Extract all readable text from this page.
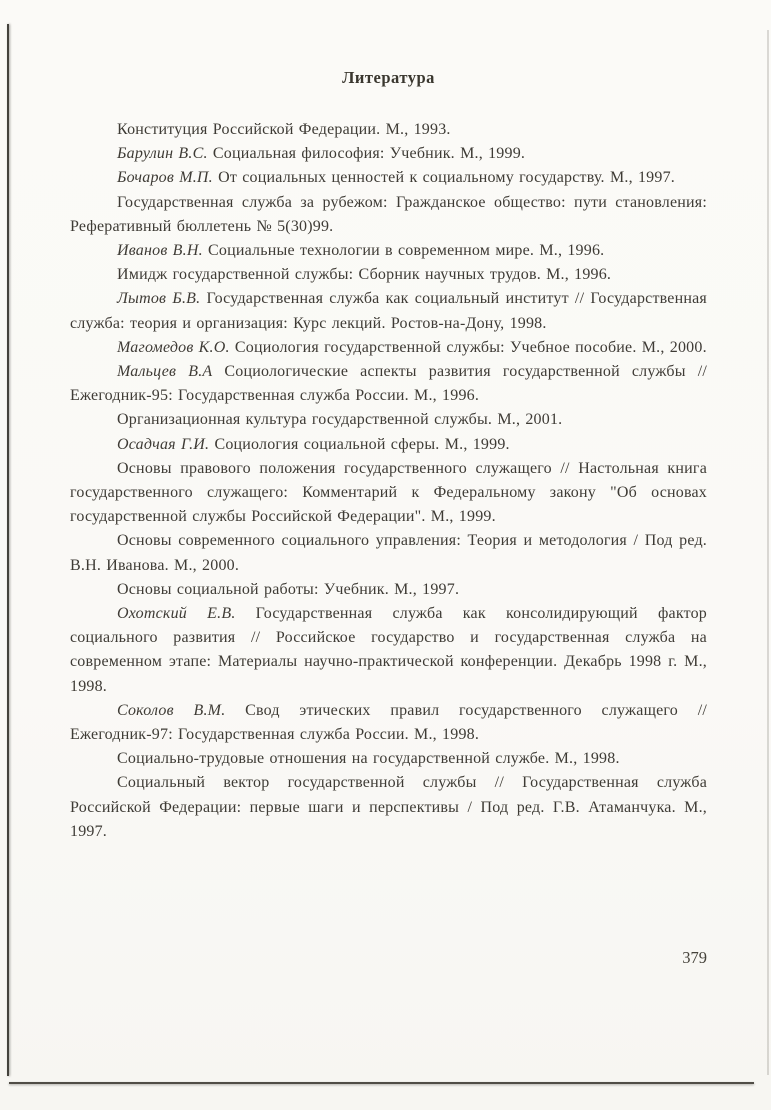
Литература

Конституция Российской Федерации. М., 1993.

Барулин В.С. Социальная философия: Учебник. М., 1999.

Бочаров М.П. От социальных ценностей к социальному государству. М., 1997.

Государственная служба за рубежом: Гражданское общество: пути становления: Реферативный бюллетень № 5(30)99.

Иванов В.Н. Социальные технологии в современном мире. М., 1996.

Имидж государственной службы: Сборник научных трудов. М., 1996.

Лытов Б.В. Государственная служба как социальный институт // Государственная служба: теория и организация: Курс лекций. Ростов-на-Дону, 1998.

Магомедов К.О. Социология государственной службы: Учебное пособие. М., 2000.

Мальцев В.А Социологические аспекты развития государственной службы // Ежегодник-95: Государственная служба России. М., 1996.

Организационная культура государственной службы. М., 2001.

Осадчая Г.И. Социология социальной сферы. М., 1999.

Основы правового положения государственного служащего // Настольная книга государственного служащего: Комментарий к Федеральному закону "Об основах государственной службы Российской Федерации". М., 1999.

Основы современного социального управления: Теория и методология / Под ред. В.Н. Иванова. М., 2000.

Основы социальной работы: Учебник. М., 1997.

Охотский Е.В. Государственная служба как консолидирующий фактор социального развития // Российское государство и государственная служба на современном этапе: Материалы научно-практической конференции. Декабрь 1998 г. М., 1998.

Соколов В.М. Свод этических правил государственного служащего // Ежегодник-97: Государственная служба России. М., 1998.

Социально-трудовые отношения на государственной службе. М., 1998.

Социальный вектор государственной службы // Государственная служба Российской Федерации: первые шаги и перспективы / Под ред. Г.В. Атаманчука. М., 1997.

379
